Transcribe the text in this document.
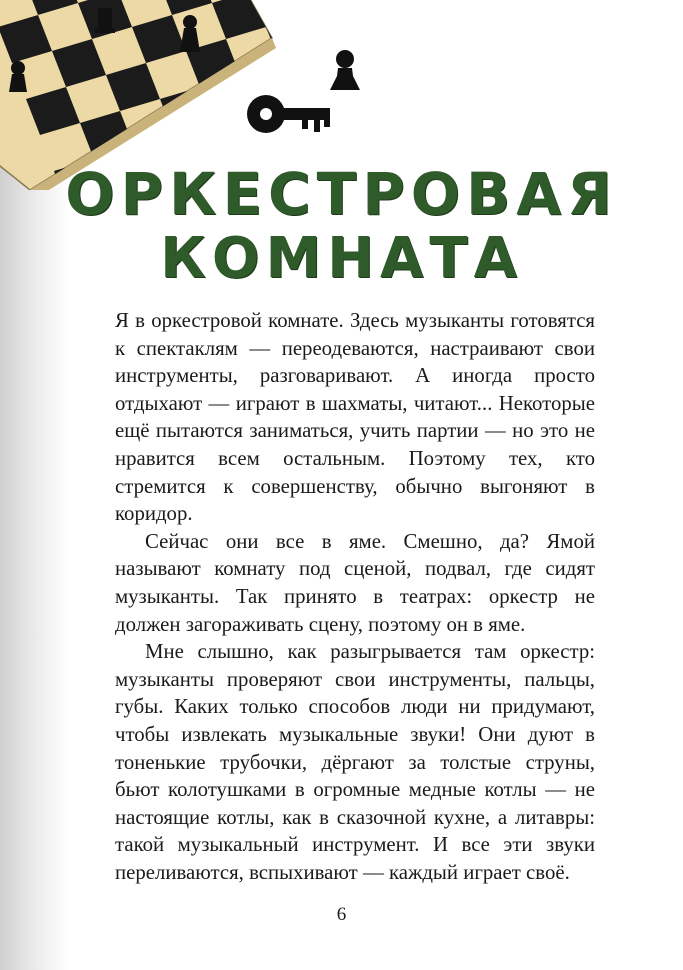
ОРКЕСТРОВАЯ
КОМНАТА

Я в оркестровой комнате. Здесь музыканты готовятся к спектаклям — переодеваются, настраивают свои инструменты, разговаривают. А иногда просто отдыхают — играют в шахматы, читают... Некоторые ещё пытаются заниматься, учить партии — но это не нравится всем остальным. Поэтому тех, кто стремится к совершенству, обычно выгоняют в коридор.

Сейчас они все в яме. Смешно, да? Ямой называют комнату под сценой, подвал, где сидят музыканты. Так принято в театрах: оркестр не должен загораживать сцену, поэтому он в яме.

Мне слышно, как разыгрывается там оркестр: музыканты проверяют свои инструменты, пальцы, губы. Каких только способов люди ни придумают, чтобы извлекать музыкальные звуки! Они дуют в тоненькие трубочки, дёргают за толстые струны, бьют колотушками в огромные медные котлы — не настоящие котлы, как в сказочной кухне, а литавры: такой музыкальный инструмент. И все эти звуки переливаются, вспыхивают — каждый играет своё.

6
